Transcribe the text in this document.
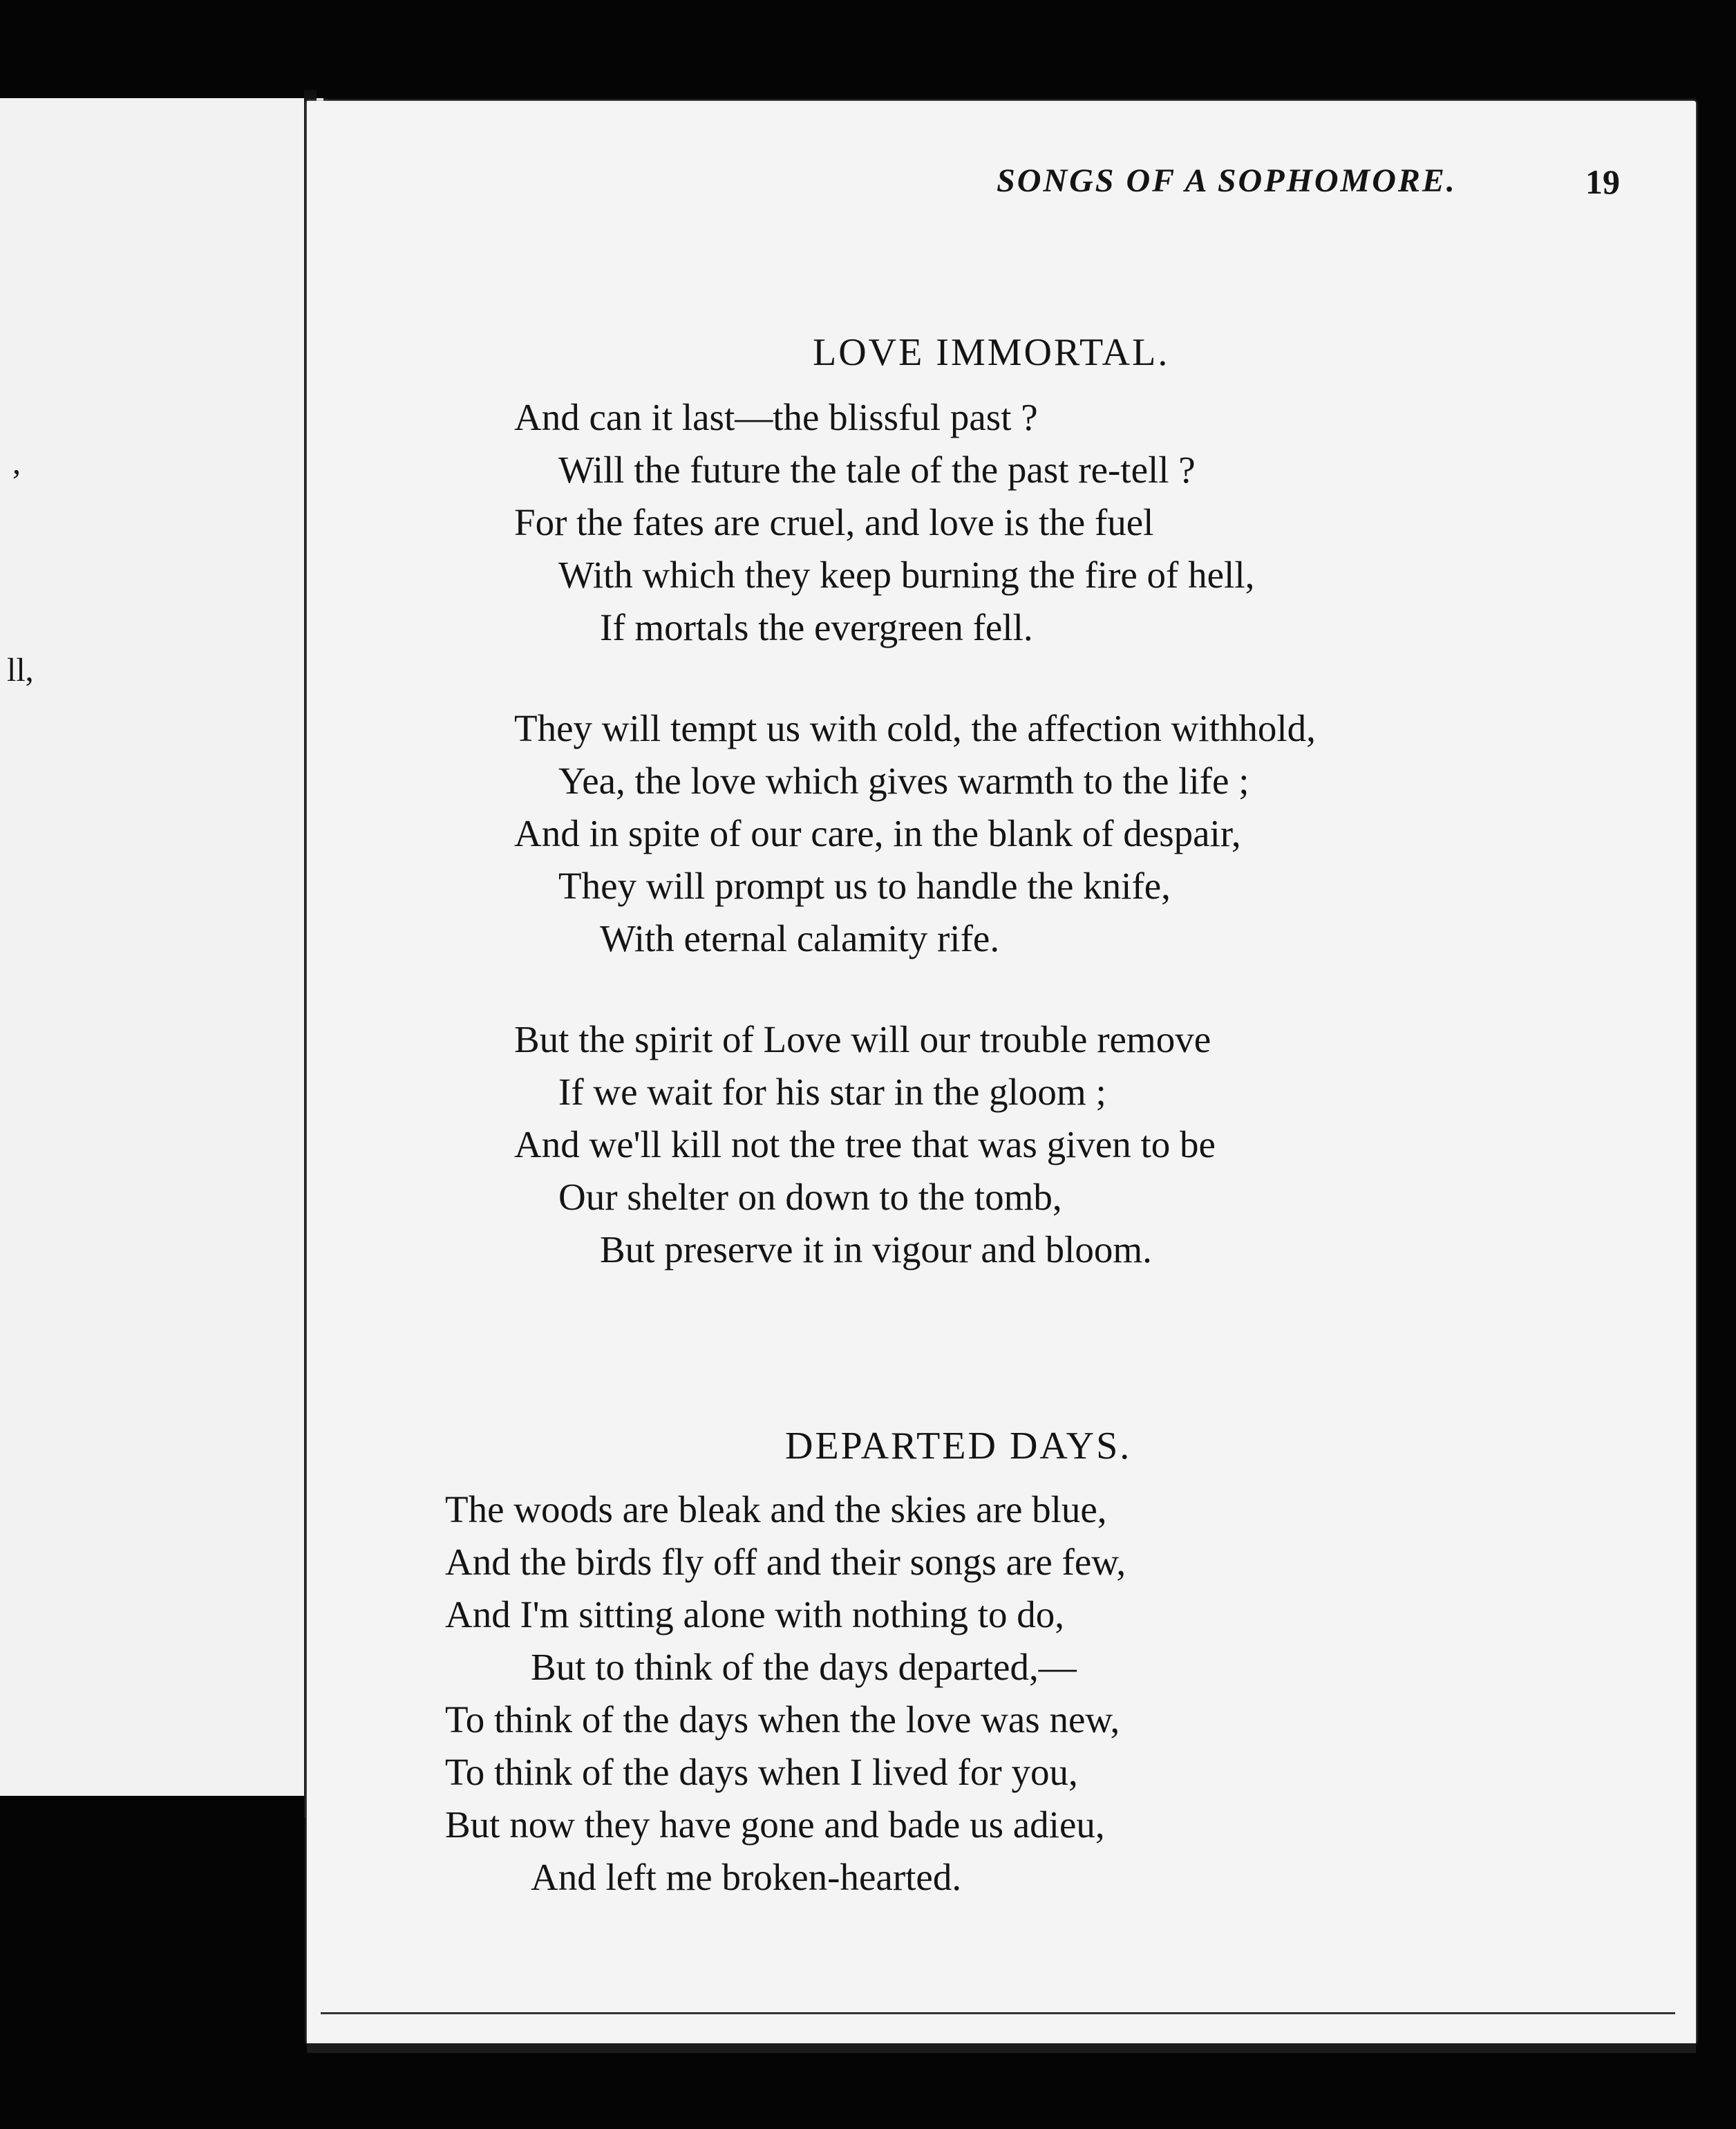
,
ll,
SONGS OF A SOPHOMORE.	19
LOVE IMMORTAL.
And can it last—the blissful past ?
Will the future the tale of the past re-tell ?
For the fates are cruel, and love is the fuel
With which they keep burning the fire of hell,
If mortals the evergreen fell.
They will tempt us with cold, the affection withhold,
Yea, the love which gives warmth to the life ;
And in spite of our care, in the blank of despair,
They will prompt us to handle the knife,
With eternal calamity rife.
But the spirit of Love will our trouble remove
If we wait for his star in the gloom ;
And we'll kill not the tree that was given to be
Our shelter on down to the tomb,
But preserve it in vigour and bloom.
DEPARTED DAYS.
The woods are bleak and the skies are blue,
And the birds fly off and their songs are few,
And I'm sitting alone with nothing to do,
But to think of the days departed,—
To think of the days when the love was new,
To think of the days when I lived for you,
But now they have gone and bade us adieu,
And left me broken-hearted.
